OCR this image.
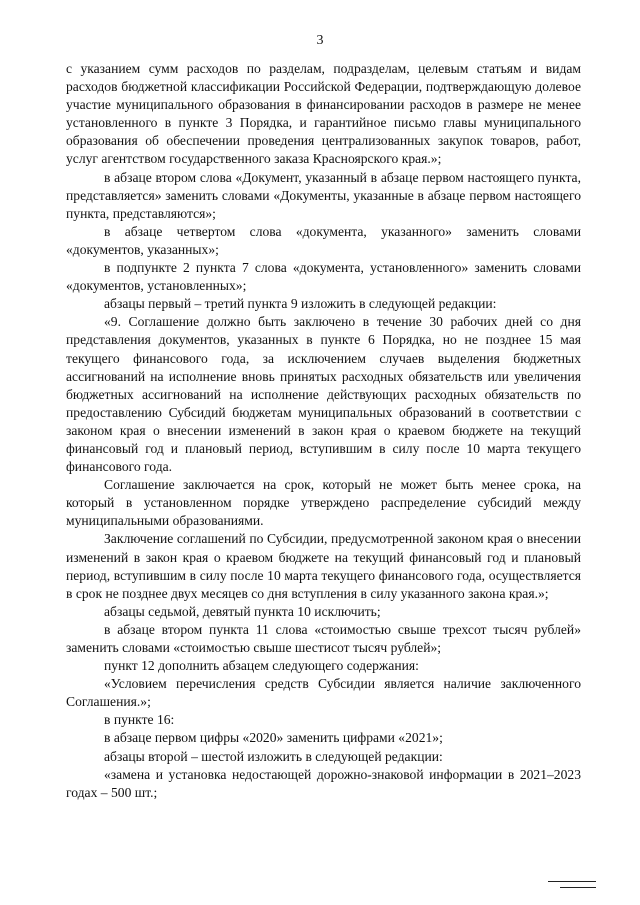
3

с указанием сумм расходов по разделам, подразделам, целевым статьям и видам расходов бюджетной классификации Российской Федерации, подтверждающую долевое участие муниципального образования в финансировании расходов в размере не менее установленного в пункте 3 Порядка, и гарантийное письмо главы муниципального образования об обеспечении проведения централизованных закупок товаров, работ, услуг агентством государственного заказа Красноярского края.»;

в абзаце втором слова «Документ, указанный в абзаце первом настоящего пункта, представляется» заменить словами «Документы, указанные в абзаце первом настоящего пункта, представляются»;

в абзаце четвертом слова «документа, указанного» заменить словами «документов, указанных»;

в подпункте 2 пункта 7 слова «документа, установленного» заменить словами «документов, установленных»;

абзацы первый – третий пункта 9 изложить в следующей редакции:

«9. Соглашение должно быть заключено в течение 30 рабочих дней со дня представления документов, указанных в пункте 6 Порядка, но не позднее 15 мая текущего финансового года, за исключением случаев выделения бюджетных ассигнований на исполнение вновь принятых расходных обязательств или увеличения бюджетных ассигнований на исполнение действующих расходных обязательств по предоставлению Субсидий бюджетам муниципальных образований в соответствии с законом края о внесении изменений в закон края о краевом бюджете на текущий финансовый год и плановый период, вступившим в силу после 10 марта текущего финансового года.

Соглашение заключается на срок, который не может быть менее срока, на который в установленном порядке утверждено распределение субсидий между муниципальными образованиями.

Заключение соглашений по Субсидии, предусмотренной законом края о внесении изменений в закон края о краевом бюджете на текущий финансовый год и плановый период, вступившим в силу после 10 марта текущего финансового года, осуществляется в срок не позднее двух месяцев со дня вступления в силу указанного закона края.»;

абзацы седьмой, девятый пункта 10 исключить;

в абзаце втором пункта 11 слова «стоимостью свыше трехсот тысяч рублей» заменить словами «стоимостью свыше шестисот тысяч рублей»;

пункт 12 дополнить абзацем следующего содержания:

«Условием перечисления средств Субсидии является наличие заключенного Соглашения.»;

в пункте 16:

в абзаце первом цифры «2020» заменить цифрами «2021»;

абзацы второй – шестой изложить в следующей редакции:

«замена и установка недостающей дорожно-знаковой информации в 2021–2023 годах – 500 шт.;
